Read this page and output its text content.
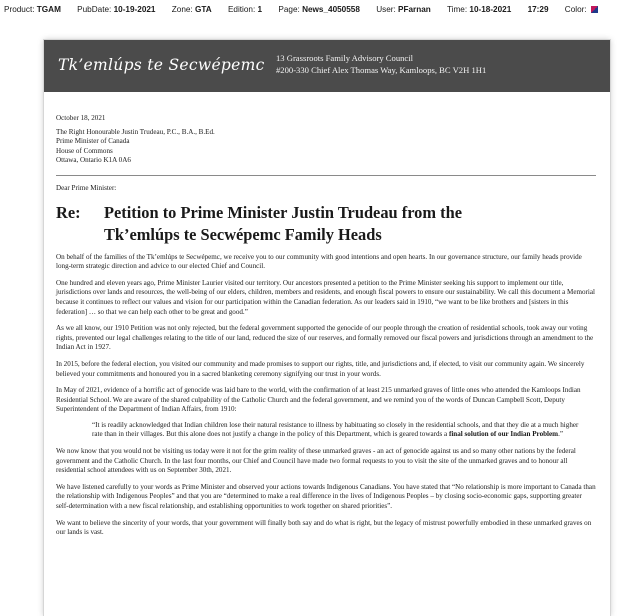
Product: TGAM PubDate: 10-19-2021 Zone: GTA Edition: 1 Page: News_4050558 User: PFarnan Time: 10-18-2021 17:29 Color:
Tk’emlúps te Secwépemc 13 Grassroots Family Advisory Council
#200-330 Chief Alex Thomas Way, Kamloops, BC V2H 1H1

October 18, 2021

The Right Honourable Justin Trudeau, P.C., B.A., B.Ed.

Prime Minister of Canada

House of Commons

Ottawa, Ontario K1A 0A6

Dear Prime Minister:

Re:	Petition to Prime Minister Justin Trudeau from the
Tk’emlúps te Secwépemc Family Heads

On behalf of the families of the Tk’emlúps te Secwépemc, we receive you to our community with good intentions and open hearts. In our governance structure, our family heads provide long-term strategic direction and advice to our elected Chief and Council.

One hundred and eleven years ago, Prime Minister Laurier visited our territory. Our ancestors presented a petition to the Prime Minister seeking his support to implement our title, jurisdictions over lands and resources, the well-being of our elders, children, members and residents, and enough fiscal powers to ensure our sustainability. We call this document a Memorial because it continues to reflect our values and vision for our participation within the Canadian federation. As our leaders said in 1910, “we want to be like brothers and [sisters in this federation] … so that we can help each other to be great and good.”

As we all know, our 1910 Petition was not only rejected, but the federal government supported the genocide of our people through the creation of residential schools, took away our voting rights, prevented our legal challenges relating to the title of our land, reduced the size of our reserves, and formally removed our fiscal powers and jurisdictions through an amendment to the Indian Act in 1927.

In 2015, before the federal election, you visited our community and made promises to support our rights, title, and jurisdictions and, if elected, to visit our community again. We sincerely believed your commitments and honoured you in a sacred blanketing ceremony signifying our trust in your words.

In May of 2021, evidence of a horrific act of genocide was laid bare to the world, with the confirmation of at least 215 unmarked graves of little ones who attended the Kamloops Indian Residential School. We are aware of the shared culpability of the Catholic Church and the federal government, and we remind you of the words of Duncan Campbell Scott, Deputy Superintendent of the Department of Indian Affairs, from 1910:

“It is readily acknowledged that Indian children lose their natural resistance to illness by habituating so closely in the residential schools, and that they die at a much higher rate than in their villages. But this alone does not justify a change in the policy of this Department, which is geared towards a final solution of our Indian Problem.”

We now know that you would not be visiting us today were it not for the grim reality of these unmarked graves - an act of genocide against us and so many other nations by the federal government and the Catholic Church. In the last four months, our Chief and Council have made two formal requests to you to visit the site of the unmarked graves and to honour all residential school attendees with us on September 30th, 2021.

We have listened carefully to your words as Prime Minister and observed your actions towards Indigenous Canadians. You have stated that “No relationship is more important to Canada than the relationship with Indigenous Peoples” and that you are “determined to make a real difference in the lives of Indigenous Peoples – by closing socio-economic gaps, supporting greater self-determination with a new fiscal relationship, and establishing opportunities to work together on shared priorities”.

We want to believe the sincerity of your words, that your government will finally both say and do what is right, but the legacy of mistrust powerfully embodied in these unmarked graves on our lands is vast.
